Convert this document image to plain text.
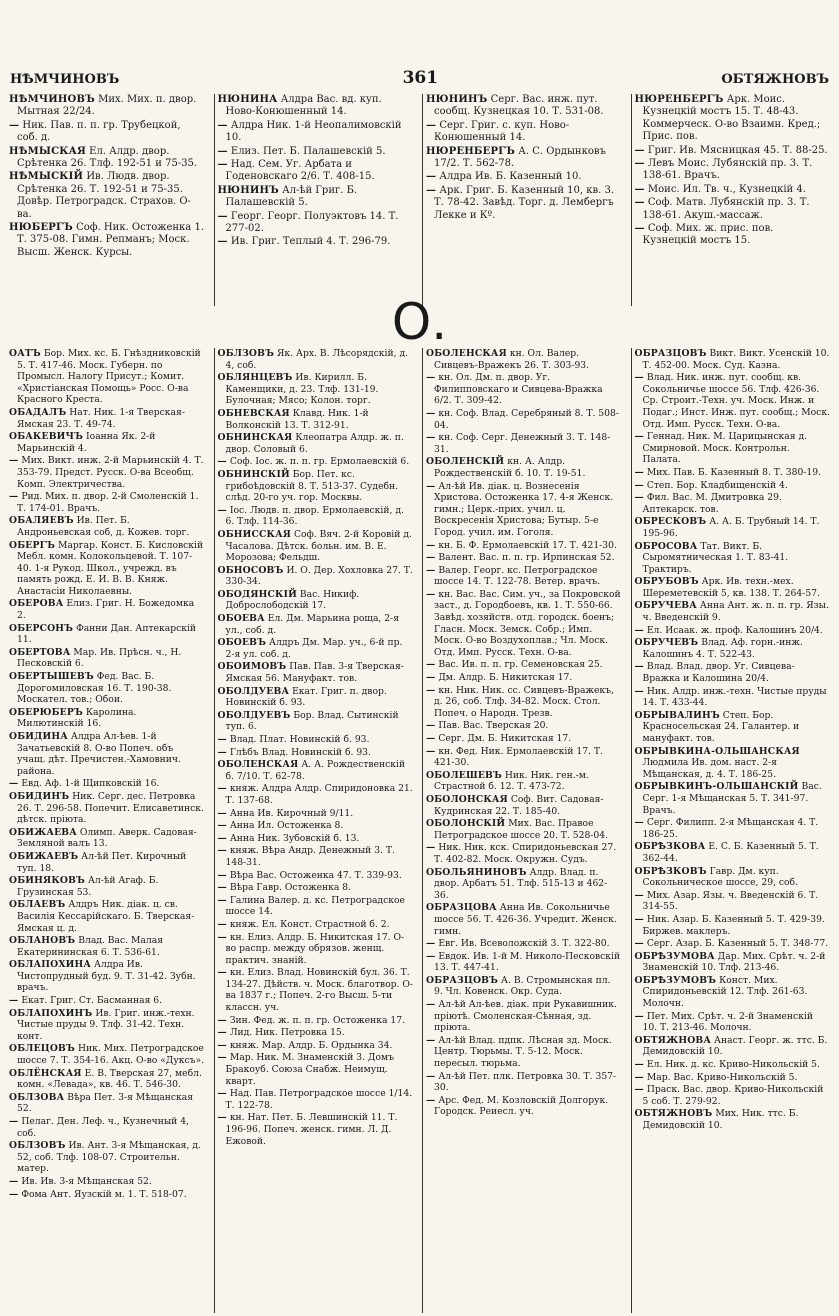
НѢМЧИНОВЪ	361	ОБТЯЖНОВЪ
НѢМЧИНОВЪ Мих. Мих. п. двор. Мытная 22/24.
— Ник. Пав. п. п. гр. Трубецкой, соб. д.
НѢМЫСКАЯ Ел. Алдр. двор. Срѣтенка 26. Тлф. 192-51 и 75-35.
НѢМЫСКІЙ Ив. Людв. двор. Срѣтенка 26. Т. 192-51 и 75-35. Довѣр. Петроградск. Страхов. О-ва.
НЮБЕРГЪ Соф. Ник. Остоженка 1. Т. 375-08. Гимн. Репманъ; Моск. Высш. Женск. Курсы.
НЮНИНА Алдра Вас. вд. куп. Ново-Конюшенный 14.
— Алдра Ник. 1-й Неопалимовскій 10.
— Елиз. Пет. Б. Палашевскій 5.
— Над. Сем. Уг. Арбата и Годеновскаго 2/6. Т. 408-15.
НЮНИНЪ Ал-ѣй Григ. Б. Палашевскій 5.
— Георг. Георг. Полуэктовъ 14. Т. 277-02.
— Ив. Григ. Теплый 4. Т. 296-79.
НЮНИНЪ Серг. Вас. инж. пут. сообщ. Кузнецкая 10. Т. 531-08.
— Серг. Григ. с. куп. Ново-Конюшенный 14.
НЮРЕНБЕРГЪ А. С. Ордынковъ 17/2. Т. 562-78.
— Алдра Ив. Б. Казенный 10.
— Арк. Григ. Б. Казенный 10, кв. 3. Т. 78-42. Завѣд. Торг. д. Лембергъ Лекке и Кº.
НЮРЕНБЕРГЪ Арк. Моис. Кузнецкій мостъ 15. Т. 48-43. Коммерческ. О-во Взаимн. Кред.; Прис. пов.
— Григ. Ив. Мясницкая 45. Т. 88-25.
— Левъ Моис. Лубянскій пр. 3. Т. 138-61. Врачъ.
— Моис. Ил. Тв. ч., Кузнецкій 4.
— Соф. Матв. Лубянскій пр. 3. Т. 138-61. Акуш.-массаж.
— Соф. Мих. ж. прис. пов. Кузнецкій мостъ 15.
О.
ОАТЪ Бор. Мих. кс. Б. Гнѣздниковскій 5. Т. 417-46. Моск. Губерн. по Промысл. Налогу Присут.; Комит. «Христіанская Помощь» Росс. О-ва Красного Креста.
ОБАДАЛЪ Нат. Ник. 1-я Тверская-Ямская 23. Т. 49-74.
ОБАКЕВИЧЪ Іоанна Як. 2-й Марьинскій 4.
— Мих. Викт. инж. 2-й Марьинскій 4. Т. 353-79. Предст. Русск. О-ва Всеобщ. Комп. Электричества.
— Рид. Мих. п. двор. 2-й Смоленскій 1. Т. 174-01. Врачъ.
ОБАЛЯЕВЪ Ив. Пет. Б. Андроньевская соб, д. Кожев. торг.
ОБЕРГЪ Маргар. Конст. Б. Кисловскій Мебл. комн. Колокольцевой. Т. 107-40. 1-я Рукод. Школ., учрежд. въ память рожд. Е. И. В. В. Княж. Анастасіи Николаевны.
ОБЕРОВА Елиз. Григ. Н. Божедомка 2.
ОБЕРСОНЪ Фанни Дан. Аптекарскій 11.
ОБЕРТОВА Мар. Ив. Прѣсн. ч., Н. Песковскій 6.
ОБЕРТЫШЕВЪ Фед. Вас. Б. Дорогомиловская 16. Т. 190-38. Москател. тов.; Обои.
ОБЕРЮБЕРЪ Каролина. Милютинскій 16.
ОБИДИНА Алдра Ал-ѣев. 1-й Зачатьевскій 8. О-во Попеч. объ учащ. дѣт. Пречистен.-Хамовнич. района.
— Евд. Аф. 1-й Щипковскій 16.
ОБИДИНЪ Ник. Серг. дес. Петровка 26. Т. 296-58. Попечит. Елисаветинск. дѣтск. пріюта.
ОБИЖАЕВА Олимп. Аверк. Садовая-Земляной валъ 13.
ОБИЖАЕВЪ Ал-ѣй Пет. Кирочный туп. 18.
ОБИНЯКОВЪ Ал-ѣй Агаф. Б. Грузинская 53.
ОБЛАЕВЪ Алдръ Ник. діак. ц. св. Василія Кессарійскаго. Б. Тверская-Ямская ц. д.
ОБЛАНОВЪ Влад. Вас. Малая Екатерининская 6. Т. 536-61.
ОБЛАПОХИНА Алдра Ив. Чистопрудный буд. 9. Т. 31-42. Зубн. врачъ.
— Екат. Григ. Ст. Басманная 6.
ОБЛАПОХИНЪ Ив. Григ. инж.-техн. Чистые пруды 9. Тлф. 31-42. Техн. конт.
ОБЛЕЦОВЪ Ник. Мих. Петроградское шоссе 7. Т. 354-16. Акц. О-во «Дуксъ».
ОБЛЁНСКАЯ Е. В. Тверская 27, мебл. комн. «Левада», кв. 46. Т. 546-30.
ОБЛЗОВА Вѣра Пет. 3-я Мѣщанская 52.
— Пелаг. Ден. Леф. ч., Кузнечный 4, соб.
ОБЛЗОВЪ Ив. Ант. 3-я Мѣщанская, д. 52, соб. Тлф. 108-07. Строительн. матер.
— Ив. Ив. 3-я Мѣщанская 52.
— Фома Ант. Яузскій м. 1. Т. 518-07.
ОБЛЗОВЪ Як. Арх. В. Лѣсорядскій, д. 4, соб.
ОБЛЯНЦЕВЪ Ив. Кирилл. Б. Каменщики, д. 23. Тлф. 131-19. Булочная; Мясо; Колон. торг.
ОБНЕВСКАЯ Клавд. Ник. 1-й Волконскій 13. Т. 312-91.
ОБНИНСКАЯ Клеопатра Алдр. ж. п. двор. Соловый 6.
— Соф. Іос. ж. п. п. гр. Ермолаевскій 6.
ОБНИНСКІЙ Бор. Пет. кс. грибоѣдовскій 8. Т. 513-37. Судебн. слѣд. 20-го уч. гор. Москвы.
— Іос. Людв. п. двор. Ермолаевскій, д. 6. Тлф. 114-36.
ОБНИССКАЯ Соф. Вяч. 2-й Коровій д. Часалова. Дѣтск. больн. им. В. Е. Морозова; Фельдш.
ОБНОСОВЪ И. О. Дер. Хохловка 27. Т. 330-34.
ОБОДЯНСКІЙ Вас. Никиф. Доброслободскій 17.
ОБОЕВА Ел. Дм. Марьина роща, 2-я ул., соб. д.
ОБОЕВЪ Алдръ Дм. Мар. уч., 6-й пр. 2-я ул. соб. д.
ОБОИМОВЪ Пав. Пав. 3-я Тверская-Ямская 56. Мануфакт. тов.
ОБОЛДУЕВА Екат. Григ. п. двор. Новинскій б. 93.
ОБОЛДУЕВЪ Бор. Влад. Сытинскій туп. 6.
— Влад. Плат. Новинскій б. 93.
— Глѣбъ Влад. Новинскій б. 93.
ОБОЛЕНСКАЯ А. А. Рождественскій б. 7/10. Т. 62-78.
— княж. Алдра Алдр. Спиридоновка 21. Т. 137-68.
— Анна Ив. Кирочный 9/11.
— Анна Ил. Остоженка 8.
— Анна Ник. Зубовскій б. 13.
— княж. Вѣра Андр. Денежный 3. Т. 148-31.
— Вѣра Вас. Остоженка 47. Т. 339-93.
— Вѣра Гавр. Остоженка 8.
— Галина Валер. д. кс. Петроградское шоссе 14.
— княж. Ел. Конст. Страстной б. 2.
— кн. Елиз. Алдр. Б. Никитская 17. О-во распр. между обрязов. женщ. практич. знаній.
— кн. Елиз. Влад. Новинскій бул. 36. Т. 134-27. Дѣйств. ч. Моск. благотвор. О-ва 1837 г.; Попеч. 2-го Высш. 5-ти классн. уч.
— Зин. Фед. ж. п. п. гр. Остоженка 17.
— Лид. Ник. Петровка 15.
— княж. Мар. Алдр. Б. Ордынка 34.
— Мар. Ник. М. Знаменскій 3. Домъ Бракоуб. Союза Снабж. Неимущ. кварт.
— Над. Пав. Петроградское шоссе 1/14. Т. 122-78.
— кн. Нат. Пет. Б. Левшинскій 11. Т. 196-96. Попеч. женск. гимн. Л. Д. Ежовой.
ОБОЛЕНСКАЯ кн. Ол. Валер. Сивцевъ-Вражекъ 26. Т. 303-93.
— кн. Ол. Дм. п. двор. Уг. Филипповскаго и Сивцева-Вражка 6/2. Т. 309-42.
— кн. Соф. Влад. Серебряный 8. Т. 508-04.
— кн. Соф. Серг. Денежный 3. Т. 148-31.
ОБОЛЕНСКІЙ кн. А. Алдр. Рождественскій б. 10. Т. 19-51.
— Ал-ѣй Ив. діак. ц. Вознесенія Христова. Остоженка 17. 4-я Женск. гимн.; Церк.-прих. учил. ц. Воскресенія Христова; Бутыр. 5-е Город. учил. им. Гоголя.
— кн. Б. Ф. Ермолаевскій 17. Т. 421-30.
— Валент. Вас. п. п. гр. Ирпинская 52.
— Валер. Георг. кс. Петроградское шоссе 14. Т. 122-78. Ветер. врачъ.
— кн. Вас. Вас. Сим. уч., за Покровской заст., д. Городбоевъ, кв. 1. Т. 550-66. Завѣд. хозяйств. отд. городск. боенъ; Гласн. Моск. Земск. Собр.; Имп. Моск. О-во Воздухоплав.; Чл. Моск. Отд. Имп. Русск. Техн. О-ва.
— Вас. Ив. п. п. гр. Семеновская 25.
— Дм. Алдр. Б. Никитская 17.
— кн. Ник. Ник. сс. Сивцевъ-Вражекъ, д. 26, соб. Тлф. 34-82. Моск. Стол. Попеч. о Народн. Трезв.
— Пав. Вас. Тверская 20.
— Серг. Дм. Б. Никитская 17.
— кн. Фед. Ник. Ермолаевскій 17. Т. 421-30.
ОБОЛЕШЕВЪ Ник. Ник. ген.-м. Страстной б. 12. Т. 473-72.
ОБОЛОНСКАЯ Соф. Вит. Садовая-Кудринская 22. Т. 185-40.
ОБОЛОНСКІЙ Мих. Вас. Правое Петроградское шоссе 20. Т. 528-04.
— Ник. Ник. кск. Спиридоньевская 27. Т. 402-82. Моск. Окружн. Судъ.
ОБОЛЬЯНИНОВЪ Алдр. Влад. п. двор. Арбатъ 51. Тлф. 515-13 и 462-36.
ОБРАЗЦОВА Анна Ив. Сокольничье шоссе 56. Т. 426-36. Учредит. Женск. гимн.
— Евг. Ив. Всеволожскій 3. Т. 322-80.
— Евдок. Ив. 1-й М. Николо-Песковскій 13. Т. 447-41.
ОБРАЗЦОВЪ А. В. Стромынская пл. 9. Чл. Ковенск. Окр. Суда.
— Ал-ѣй Ал-ѣев. діак. при Рукавишник. пріютѣ. Смоленская-Сѣнная, зд. пріюта.
— Ал-ѣй Влад. пдпк. Лѣсная зд. Моск. Центр. Тюрьмы. Т. 5-12. Моск. пересыл. тюрьма.
— Ал-ѣй Пет. плк. Петровка 30. Т. 357-30.
— Арс. Фед. М. Козловскій Долгорук. Городск. Реиесл. уч.
ОБРАЗЦОВЪ Викт. Викт. Усенскій 10. Т. 452-00. Моск. Суд. Казна.
— Влад. Ник. инж. пут. сообщ. кв. Сокольничье шоссе 56. Тлф. 426-36. Ср. Строит.-Техн. уч. Моск. Инж. и Подаг.; Инст. Инж. пут. сообщ.; Моск. Отд. Имп. Русск. Техн. О-ва.
— Геннад. Ник. М. Царицынская д. Смирновой. Моск. Контрольн. Палата.
— Мих. Пав. Б. Казенный 8. Т. 380-19.
— Степ. Бор. Кладбищенскій 4.
— Фил. Вас. М. Дмитровка 29. Аптекарск. тов.
ОБРЕСКОВЪ А. А. Б. Трубный 14. Т. 195-96.
ОБРОСОВА Тат. Викт. Б. Сыромятническая 1. Т. 83-41. Трактиръ.
ОБРУБОВЪ Арк. Ив. техн.-мех. Шереметевскій 5, кв. 138. Т. 264-57.
ОБРУЧЕВА Анна Ант. ж. п. п. гр. Язы. ч. Введенскій 9.
— Ел. Исаак. ж. проф. Калошинъ 20/4.
ОБРУЧЕВЪ Влад. Аф. горн.-инж. Калошинъ 4. Т. 522-43.
— Влад. Влад. двор. Уг. Сивцева-Вражка и Калошина 20/4.
— Ник. Алдр. инж.-техн. Чистые пруды 14. Т. 433-44.
ОБРЫВАЛИНЪ Степ. Бор. Красносельская 24. Галантер. и мануфакт. тов.
ОБРЫВКИНА-ОЛЬШАНСКАЯ Людмила Ив. дом. наст. 2-я Мѣщанская, д. 4. Т. 186-25.
ОБРЫВКИНЪ-ОЛЬШАНСКІЙ Вас. Серг. 1-я Мѣщанская 5. Т. 341-97. Врачъ.
— Серг. Филипп. 2-я Мѣщанская 4. Т. 186-25.
ОБРѢЗКОВА Е. С. Б. Казенный 5. Т. 362-44.
ОБРѢЗКОВЪ Гавр. Дм. куп. Сокольническое шоссе, 29, соб.
— Мих. Азар. Язы. ч. Введенскій 6. Т. 314-55.
— Ник. Азар. Б. Казенный 5. Т. 429-39. Биржев. маклеръ.
— Серг. Азар. Б. Казенный 5. Т. 348-77.
ОБРѢЗУМОВА Дар. Мих. Срѣт. ч. 2-й Знаменскій 10. Тлф. 213-46.
ОБРѢЗУМОВЪ Конст. Мих. Спиридоньевскій 12. Тлф. 261-63. Молочн.
— Пет. Мих. Срѣт. ч. 2-й Знаменскій 10. Т. 213-46. Молочн.
ОБТЯЖНОВА Анаст. Георг. ж. ттс. Б. Демидовскій 10.
— Ел. Ник. д. кс. Криво-Никольскій 5.
— Мар. Вас. Криво-Никольскій 5.
— Праск. Вас. двор. Криво-Никольскій 5 соб. Т. 279-92.
ОБТЯЖНОВЪ Мих. Ник. ттс. Б. Демидовскій 10.
